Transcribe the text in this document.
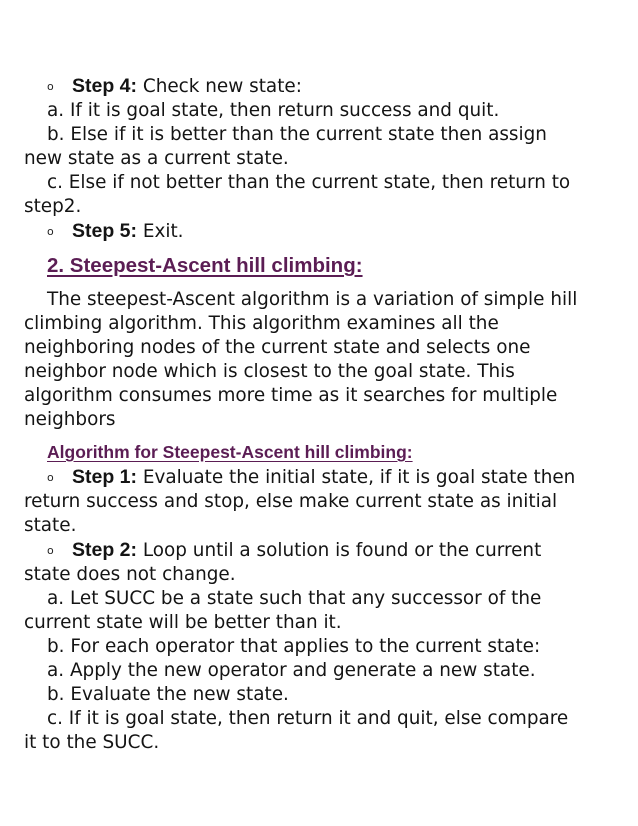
o Step 4: Check new state:
a. If it is goal state, then return success and quit.
b. Else if it is better than the current state then assign
new state as a current state.
c. Else if not better than the current state, then return to
step2.
o Step 5: Exit.
2. Steepest-Ascent hill climbing:
The steepest-Ascent algorithm is a variation of simple hill
climbing algorithm. This algorithm examines all the
neighboring nodes of the current state and selects one
neighbor node which is closest to the goal state. This
algorithm consumes more time as it searches for multiple
neighbors
Algorithm for Steepest-Ascent hill climbing:
o Step 1: Evaluate the initial state, if it is goal state then
return success and stop, else make current state as initial
state.
o Step 2: Loop until a solution is found or the current
state does not change.
a. Let SUCC be a state such that any successor of the
current state will be better than it.
b. For each operator that applies to the current state:
a. Apply the new operator and generate a new state.
b. Evaluate the new state.
c. If it is goal state, then return it and quit, else compare
it to the SUCC.
